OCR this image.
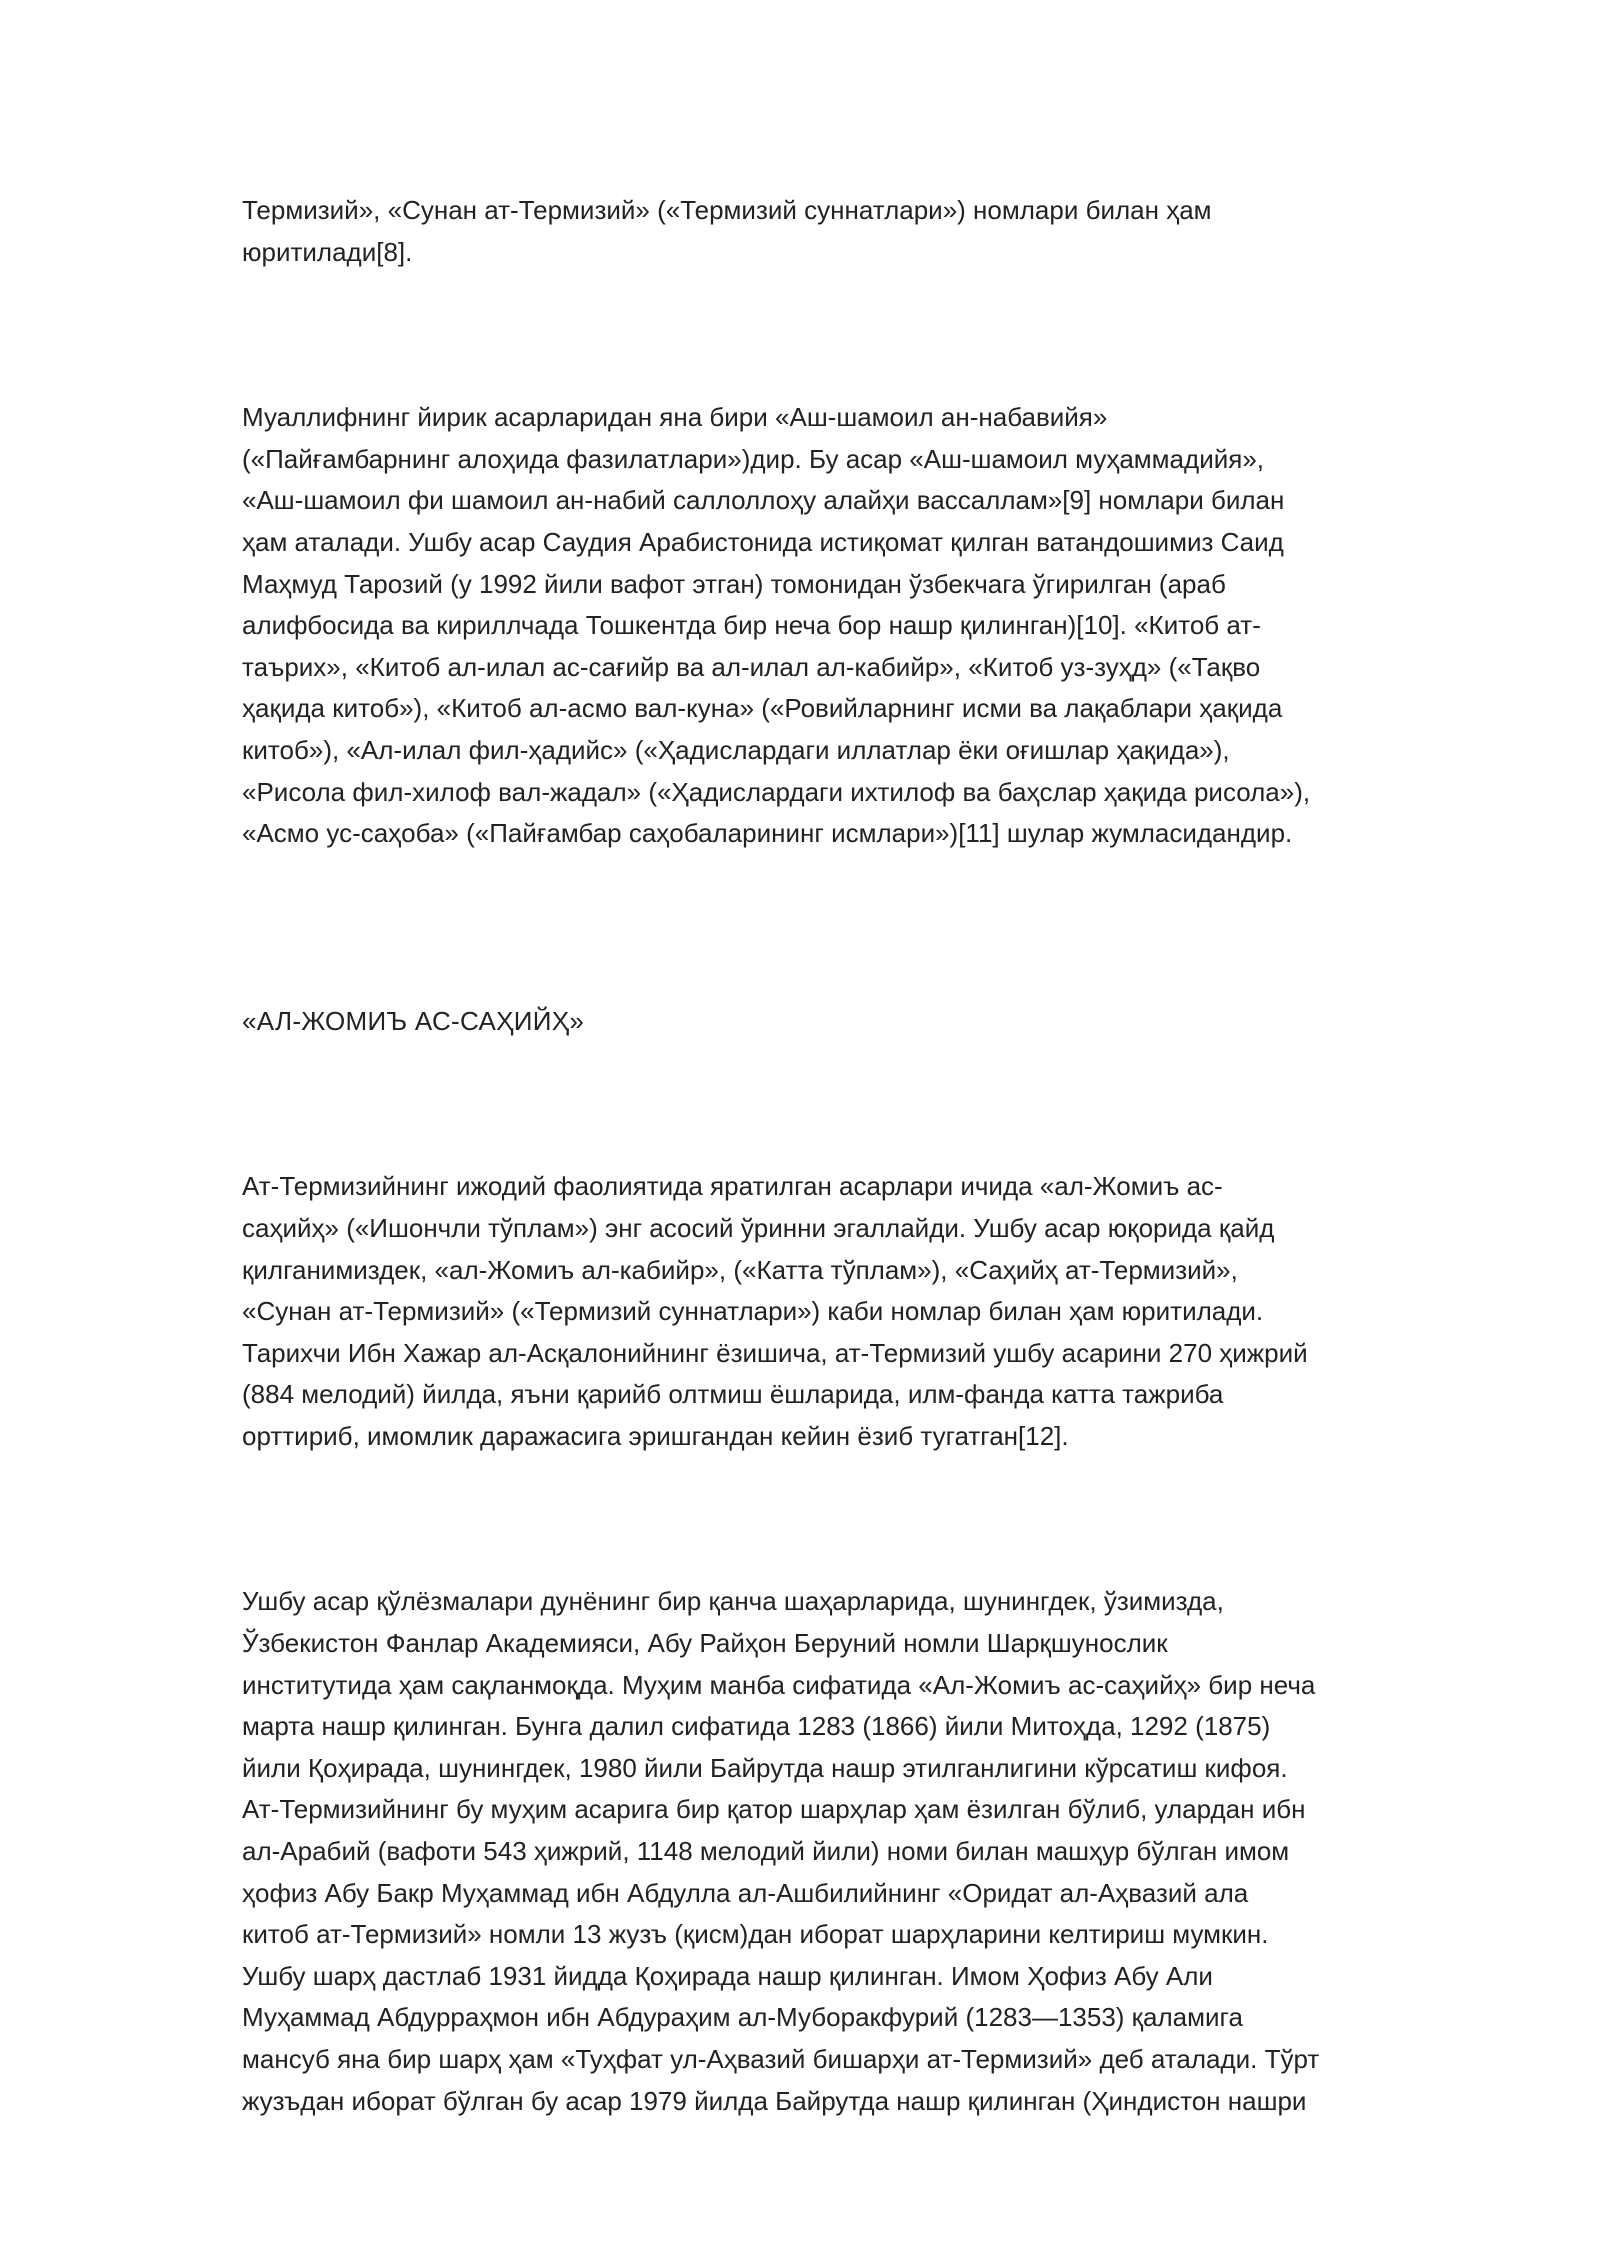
Термизий», «Сунан ат-Термизий» («Термизий суннатлари») номлари билан ҳам
юритилади[8].

Муаллифнинг йирик асарларидан яна бири «Аш-шамоил ан-набавийя»
(«Пайғамбарнинг алоҳида фазилатлари»)дир. Бу асар «Аш-шамоил муҳаммадийя»,
«Аш-шамоил фи шамоил ан-набий саллоллоҳу алайҳи вассаллам»[9] номлари билан
ҳам аталади. Ушбу асар Саудия Арабистонида истиқомат қилган ватандошимиз Саид
Маҳмуд Тарозий (у 1992 йили вафот этган) томонидан ўзбекчага ўгирилган (араб
алифбосида ва кириллчада Тошкентда бир неча бор нашр қилинган)[10]. «Китоб ат-
таърих», «Китоб ал-илал ас-сағийр ва ал-илал ал-кабийр», «Китоб уз-зуҳд» («Тақво
ҳақида китоб»), «Китоб ал-асмо вал-куна» («Ровийларнинг исми ва лақаблари ҳақида
китоб»), «Ал-илал фил-ҳадийс» («Ҳадислардаги иллатлар ёки оғишлар ҳақида»),
«Рисола фил-хилоф вал-жадал» («Ҳадислардаги ихтилоф ва баҳслар ҳақида рисола»),
«Асмо ус-саҳоба» («Пайғамбар саҳобаларининг исмлари»)[11] шулар жумласидандир.

«АЛ-ЖОМИЪ АС-САҲИЙҲ»

Ат-Термизийнинг ижодий фаолиятида яратилган асарлари ичида «ал-Жомиъ ас-
саҳийҳ» («Ишончли тўплам») энг асосий ўринни эгаллайди. Ушбу асар юқорида қайд
қилганимиздек, «ал-Жомиъ ал-кабийр», («Катта тўплам»), «Саҳийҳ ат-Термизий»,
«Сунан ат-Термизий» («Термизий суннатлари») каби номлар билан ҳам юритилади.
Тарихчи Ибн Хажар ал-Асқалонийнинг ёзишича, ат-Термизий ушбу асарини 270 ҳижрий
(884 мелодий) йилда, яъни қарийб олтмиш ёшларида, илм-фанда катта тажриба
орттириб, имомлик даражасига эришгандан кейин ёзиб тугатган[12].

Ушбу асар қўлёзмалари дунёнинг бир қанча шаҳарларида, шунингдек, ўзимизда,
Ўзбекистон Фанлар Академияси, Абу Райҳон Беруний номли Шарқшунослик
институтида ҳам сақланмоқда. Муҳим манба сифатида «Ал-Жомиъ ас-саҳийҳ» бир неча
марта нашр қилинган. Бунга далил сифатида 1283 (1866) йили Митоҳда, 1292 (1875)
йили Қоҳирада, шунингдек, 1980 йили Байрутда нашр этилганлигини кўрсатиш кифоя.
Ат-Термизийнинг бу муҳим асарига бир қатор шарҳлар ҳам ёзилган бўлиб, улардан ибн
ал-Арабий (вафоти 543 ҳижрий, 1148 мелодий йили) номи билан машҳур бўлган имом
ҳофиз Абу Бакр Муҳаммад ибн Абдулла ал-Ашбилийнинг «Оридат ал-Аҳвазий ала
китоб ат-Термизий» номли 13 жузъ (қисм)дан иборат шарҳларини келтириш мумкин.
Ушбу шарҳ дастлаб 1931 йидда Қоҳирада нашр қилинган. Имом Ҳофиз Абу Али
Муҳаммад Абдурраҳмон ибн Абдураҳим ал-Муборакфурий (1283—1353) қаламига
мансуб яна бир шарҳ ҳам «Туҳфат ул-Аҳвазий бишарҳи ат-Термизий» деб аталади. Тўрт
жузъдан иборат бўлган бу асар 1979 йилда Байрутда нашр қилинган (Ҳиндистон нашри
